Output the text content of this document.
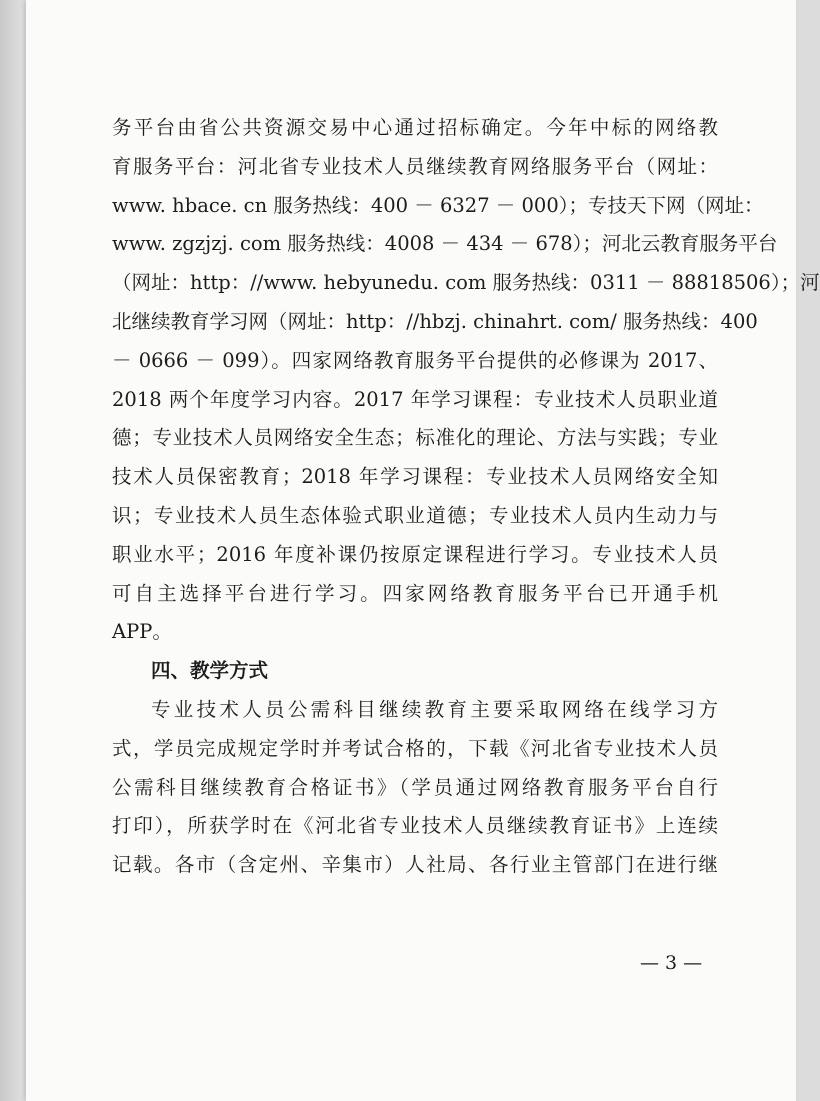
务平台由省公共资源交易中心通过招标确定。今年中标的网络教
育服务平台：河北省专业技术人员继续教育网络服务平台（网址：
www. hbace. cn 服务热线：400 － 6327 － 000）；专技天下网（网址：
www. zgzjzj. com 服务热线：4008 － 434 － 678）；河北云教育服务平台
（网址：http：//www. hebyunedu. com 服务热线：0311 － 88818506）；河
北继续教育学习网（网址：http：//hbzj. chinahrt. com/ 服务热线：400
－ 0666 － 099）。四家网络教育服务平台提供的必修课为 2017、
2018 两个年度学习内容。2017 年学习课程：专业技术人员职业道
德；专业技术人员网络安全生态；标准化的理论、方法与实践；专业
技术人员保密教育；2018 年学习课程：专业技术人员网络安全知
识；专业技术人员生态体验式职业道德；专业技术人员内生动力与
职业水平；2016 年度补课仍按原定课程进行学习。专业技术人员
可自主选择平台进行学习。四家网络教育服务平台已开通手机
APP。
四、教学方式
专业技术人员公需科目继续教育主要采取网络在线学习方
式，学员完成规定学时并考试合格的，下载《河北省专业技术人员
公需科目继续教育合格证书》（学员通过网络教育服务平台自行
打印），所获学时在《河北省专业技术人员继续教育证书》上连续
记载。各市（含定州、辛集市）人社局、各行业主管部门在进行继
— 3 —
